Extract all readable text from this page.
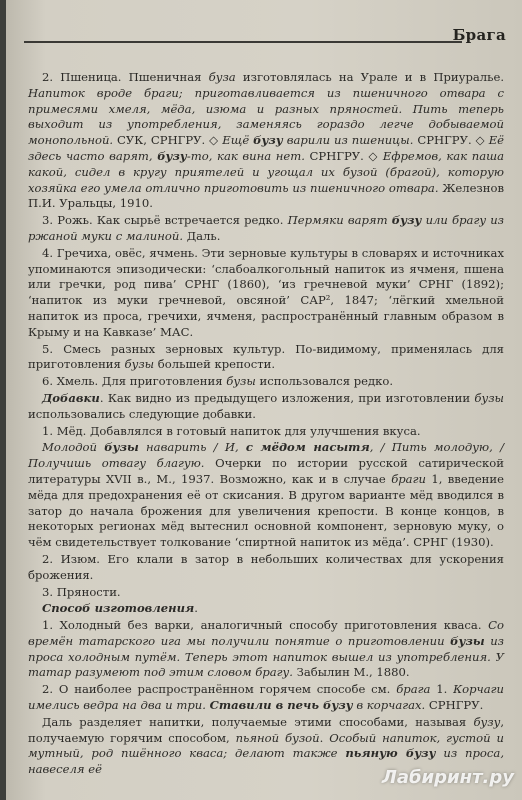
Брага

2. Пшеница. Пшеничная буза изготовлялась на Урале и в Приуралье. Напиток вроде браги; приготавливается из пшеничного отвара с примесями хмеля, мёда, изюма и разных пряностей. Пить теперь выходит из употребления, заменяясь гораздо легче добываемой монопольной. СУК, СРНГРУ. ◇ Ещё бузу варили из пшеницы. СРНГРУ. ◇ Её здесь часто варят, бузу-то, как вина нет. СРНГРУ. ◇ Ефремов, как паша какой, сидел в кругу приятелей и угощал их бузой (брагой), которую хозяйка его умела отлично приготовить из пшеничного отвара. Железнов П.И. Уральцы, 1910.

3. Рожь. Как сырьё встречается редко. Пермяки варят бузу или брагу из ржаной муки с малиной. Даль.

4. Гречиха, овёс, ячмень. Эти зерновые культуры в словарях и источниках упоминаются эпизодически: ‘слабоалкогольный напиток из ячменя, пшена или гречки, род пива’ СРНГ (1860), ‘из гречневой муки’ СРНГ (1892); ‘напиток из муки гречневой, овсяной’ САР², 1847; ‘лёгкий хмельной напиток из проса, гречихи, ячменя, распространённый главным образом в Крыму и на Кавказе’ МАС.

5. Смесь разных зерновых культур. По-видимому, применялась для приготовления бузы большей крепости.

6. Хмель. Для приготовления бузы использовался редко.

Добавки. Как видно из предыдущего изложения, при изготовлении бузы использовались следующие добавки.

1. Мёд. Добавлялся в готовый напиток для улучшения вкуса.

Молодой бузы наварить / И, с мёдом насытя, / Пить молодую, / Получишь отвагу благую. Очерки по истории русской сатирической литературы XVII в., М., 1937. Возможно, как и в случае браги 1, введение мёда для предохранения её от скисания. В другом варианте мёд вводился в затор до начала брожения для увеличения крепости. В конце концов, в некоторых регионах мёд вытеснил основной компонент, зерновую муку, о чём свидетельствует толкование ‘спиртной напиток из мёда’. СРНГ (1930).

2. Изюм. Его клали в затор в небольших количествах для ускорения брожения.

3. Пряности.

Способ изготовления.

1. Холодный без варки, аналогичный способу приготовления кваса. Со времён татарского ига мы получили понятие о приготовлении бузы из проса холодным путём. Теперь этот напиток вышел из употребления. У татар разумеют под этим словом брагу. Забылин М., 1880.

2. О наиболее распространённом горячем способе см. брага 1. Корчаги имелись ведра на два и три. Ставили в печь бузу в корчагах. СРНГРУ.

Даль разделяет напитки, получаемые этими способами, называя бузу, получаемую горячим способом, пьяной бузой. Особый напиток, густой и мутный, род пшённого кваса; делают также пьяную бузу из проса, навеселя её	Лабиринт.ру
